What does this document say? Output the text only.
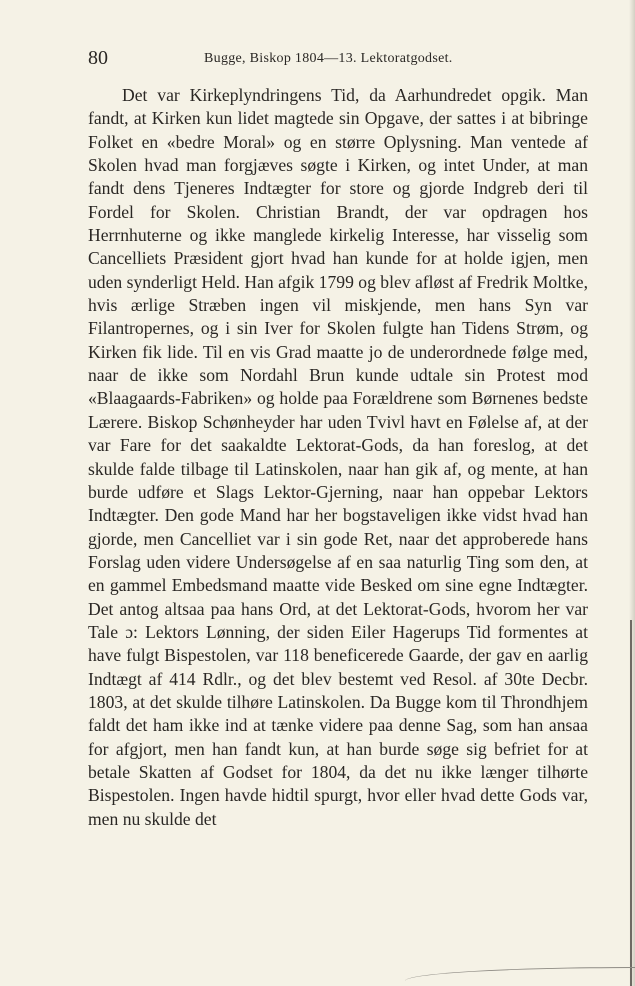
80	Bugge, Biskop 1804—13. Lektoratgodset.

Det var Kirkeplyndringens Tid, da Aarhundredet opgik. Man fandt, at Kirken kun lidet magtede sin Opgave, der sattes i at bibringe Folket en «bedre Moral» og en større Oplysning. Man ventede af Skolen hvad man forgjæves søgte i Kirken, og intet Under, at man fandt dens Tjeneres Indtægter for store og gjorde Indgreb deri til Fordel for Skolen. Christian Brandt, der var opdragen hos Herrnhuterne og ikke manglede kirkelig Interesse, har visselig som Cancelliets Præsident gjort hvad han kunde for at holde igjen, men uden synderligt Held. Han afgik 1799 og blev afløst af Fredrik Moltke, hvis ærlige Stræben ingen vil miskjende, men hans Syn var Filantropernes, og i sin Iver for Skolen fulgte han Tidens Strøm, og Kirken fik lide. Til en vis Grad maatte jo de underordnede følge med, naar de ikke som Nordahl Brun kunde udtale sin Protest mod «Blaagaards-Fabriken» og holde paa Forældrene som Børnenes bedste Lærere. Biskop Schønheyder har uden Tvivl havt en Følelse af, at der var Fare for det saakaldte Lektorat-Gods, da han foreslog, at det skulde falde tilbage til Latinskolen, naar han gik af, og mente, at han burde udføre et Slags Lektor-Gjerning, naar han oppebar Lektors Indtægter. Den gode Mand har her bogstaveligen ikke vidst hvad han gjorde, men Cancelliet var i sin gode Ret, naar det approberede hans Forslag uden videre Undersøgelse af en saa naturlig Ting som den, at en gammel Embedsmand maatte vide Besked om sine egne Indtægter. Det antog altsaa paa hans Ord, at det Lektorat-Gods, hvorom her var Tale ɔ: Lektors Lønning, der siden Eiler Hagerups Tid formentes at have fulgt Bispestolen, var 118 beneficerede Gaarde, der gav en aarlig Indtægt af 414 Rdlr., og det blev bestemt ved Resol. af 30te Decbr. 1803, at det skulde tilhøre Latinskolen. Da Bugge kom til Throndhjem faldt det ham ikke ind at tænke videre paa denne Sag, som han ansaa for afgjort, men han fandt kun, at han burde søge sig befriet for at betale Skatten af Godset for 1804, da det nu ikke længer tilhørte Bispestolen. Ingen havde hidtil spurgt, hvor eller hvad dette Gods var, men nu skulde det
